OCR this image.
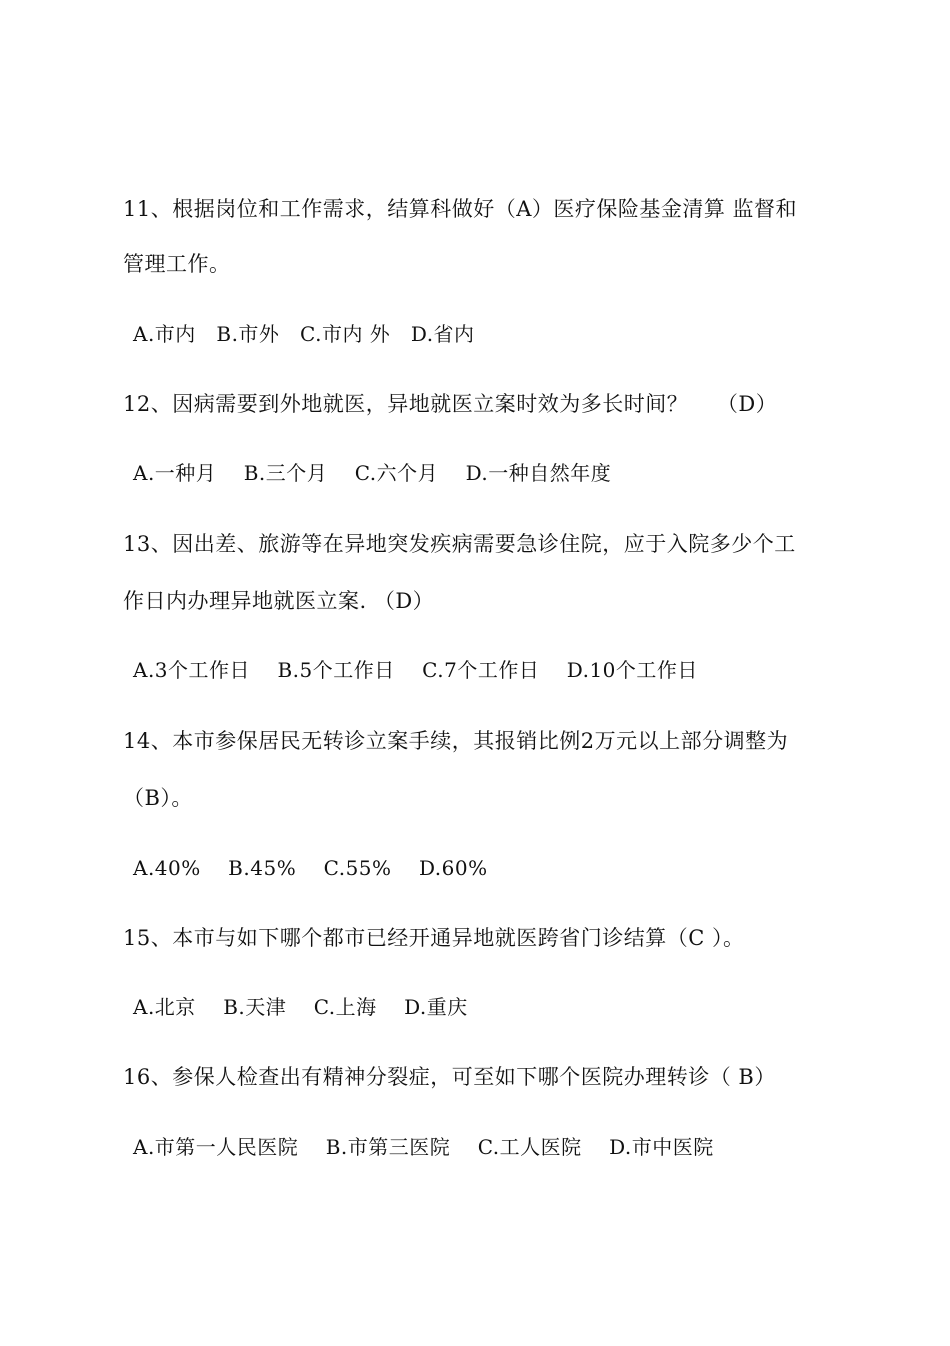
11、根据岗位和工作需求，结算科做好（A）医疗保险基金清算 监督和
管理工作。
A.市内   B.市外   C.市内 外   D.省内
12、因病需要到外地就医，异地就医立案时效为多长时间？    （D）
A.一种月    B.三个月    C.六个月    D.一种自然年度
13、因出差、旅游等在异地突发疾病需要急诊住院，应于入院多少个工
作日内办理异地就医立案. （D）
A.3个工作日    B.5个工作日    C.7个工作日    D.10个工作日
14、本市参保居民无转诊立案手续，其报销比例2万元以上部分调整为
（B）。
A.40%    B.45%    C.55%    D.60%
15、本市与如下哪个都市已经开通异地就医跨省门诊结算（C ）。
A.北京    B.天津    C.上海    D.重庆
16、参保人检查出有精神分裂症，可至如下哪个医院办理转诊（ B）
A.市第一人民医院    B.市第三医院    C.工人医院    D.市中医院
